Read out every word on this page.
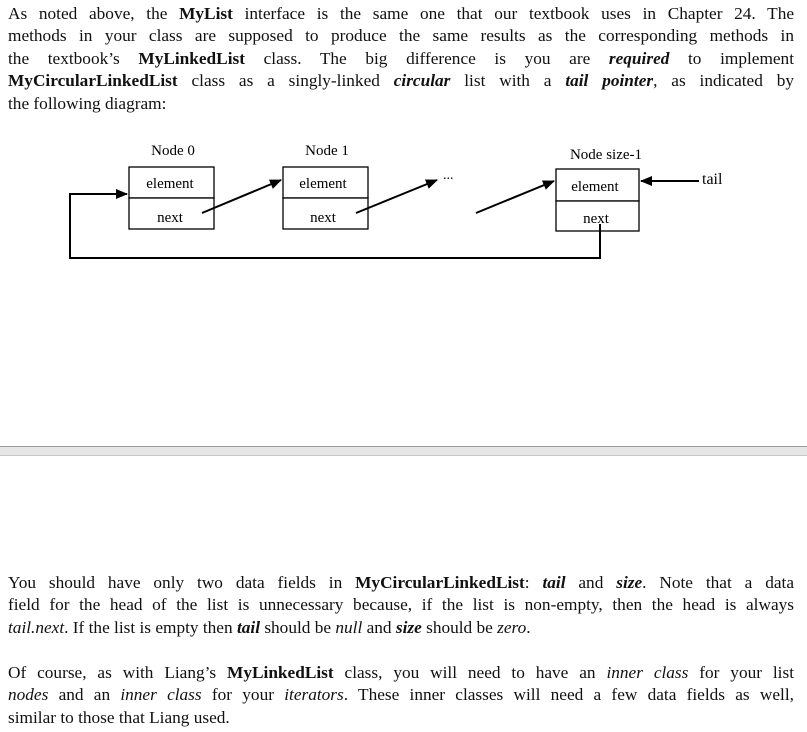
As noted above, the MyList interface is the same one that our textbook uses in Chapter 24. The
methods in your class are supposed to produce the same results as the corresponding methods in
the textbook’s MyLinkedList class. The big difference is you are required to implement
MyCircularLinkedList class as a singly-linked circular list with a tail pointer, as indicated by
the following diagram:
Node 0	Node 1	Node size-1
element
next
element
next
element
next
...	tail
You should have only two data fields in MyCircularLinkedList: tail and size. Note that a data
field for the head of the list is unnecessary because, if the list is non-empty, then the head is always
tail.next. If the list is empty then tail should be null and size should be zero.
Of course, as with Liang’s MyLinkedList class, you will need to have an inner class for your list
nodes and an inner class for your iterators. These inner classes will need a few data fields as well,
similar to those that Liang used.
